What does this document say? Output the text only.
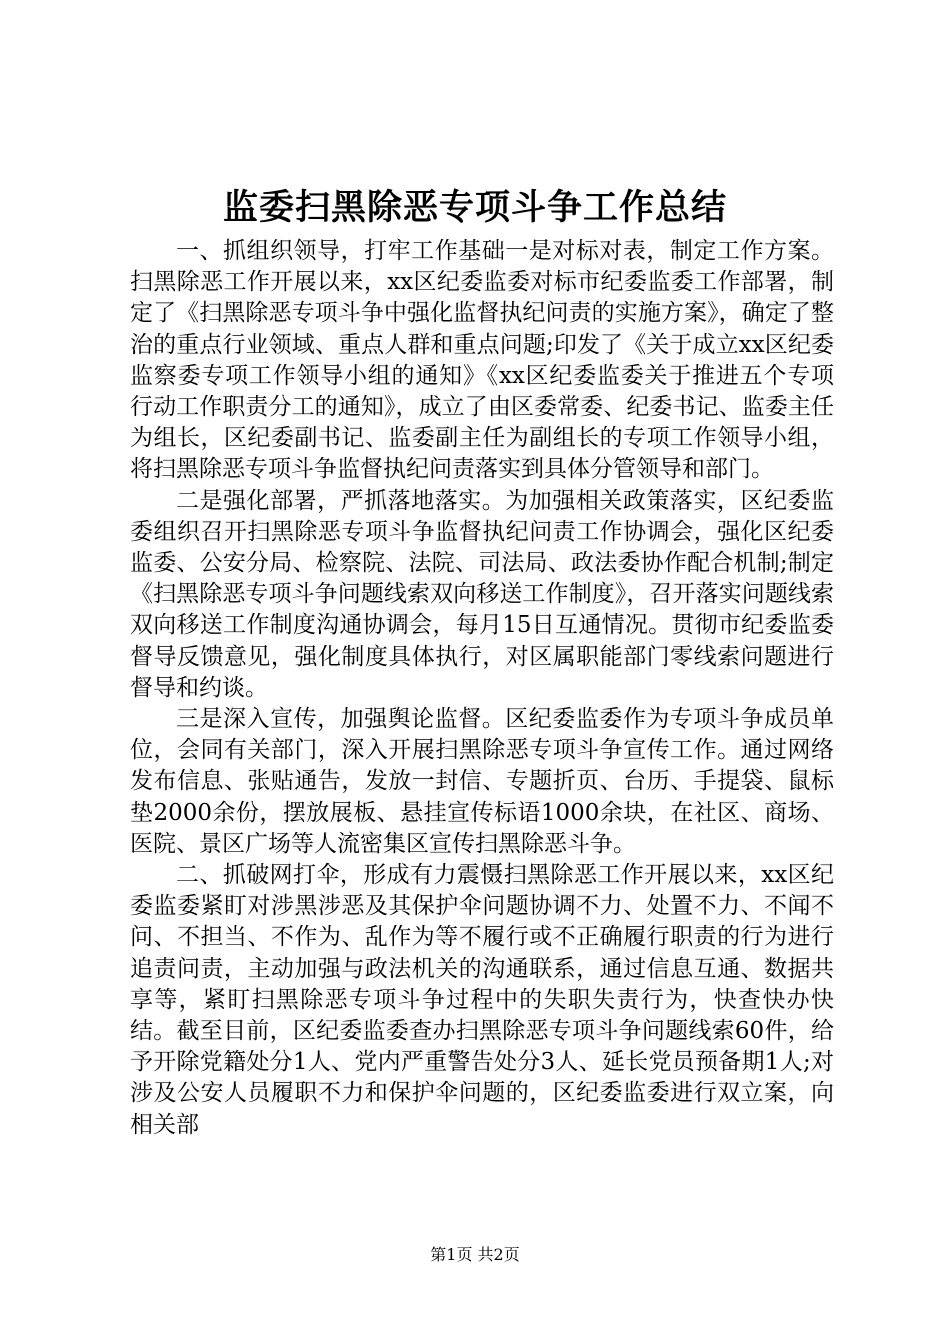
监委扫黑除恶专项斗争工作总结

一、抓组织领导，打牢工作基础一是对标对表，制定工作方案。扫黑除恶工作开展以来，xx区纪委监委对标市纪委监委工作部署，制定了《扫黑除恶专项斗争中强化监督执纪问责的实施方案》，确定了整治的重点行业领域、重点人群和重点问题;印发了《关于成立xx区纪委监察委专项工作领导小组的通知》《xx区纪委监委关于推进五个专项行动工作职责分工的通知》，成立了由区委常委、纪委书记、监委主任为组长，区纪委副书记、监委副主任为副组长的专项工作领导小组，将扫黑除恶专项斗争监督执纪问责落实到具体分管领导和部门。

二是强化部署，严抓落地落实。为加强相关政策落实，区纪委监委组织召开扫黑除恶专项斗争监督执纪问责工作协调会，强化区纪委监委、公安分局、检察院、法院、司法局、政法委协作配合机制;制定《扫黑除恶专项斗争问题线索双向移送工作制度》，召开落实问题线索双向移送工作制度沟通协调会，每月15日互通情况。贯彻市纪委监委督导反馈意见，强化制度具体执行，对区属职能部门零线索问题进行督导和约谈。

三是深入宣传，加强舆论监督。区纪委监委作为专项斗争成员单位，会同有关部门，深入开展扫黑除恶专项斗争宣传工作。通过网络发布信息、张贴通告，发放一封信、专题折页、台历、手提袋、鼠标垫2000余份，摆放展板、悬挂宣传标语1000余块，在社区、商场、医院、景区广场等人流密集区宣传扫黑除恶斗争。

二、抓破网打伞，形成有力震慑扫黑除恶工作开展以来，xx区纪委监委紧盯对涉黑涉恶及其保护伞问题协调不力、处置不力、不闻不问、不担当、不作为、乱作为等不履行或不正确履行职责的行为进行追责问责，主动加强与政法机关的沟通联系，通过信息互通、数据共享等，紧盯扫黑除恶专项斗争过程中的失职失责行为，快查快办快结。截至目前，区纪委监委查办扫黑除恶专项斗争问题线索60件，给予开除党籍处分1人、党内严重警告处分3人、延长党员预备期1人;对涉及公安人员履职不力和保护伞问题的，区纪委监委进行双立案，向相关部

第1页 共2页
